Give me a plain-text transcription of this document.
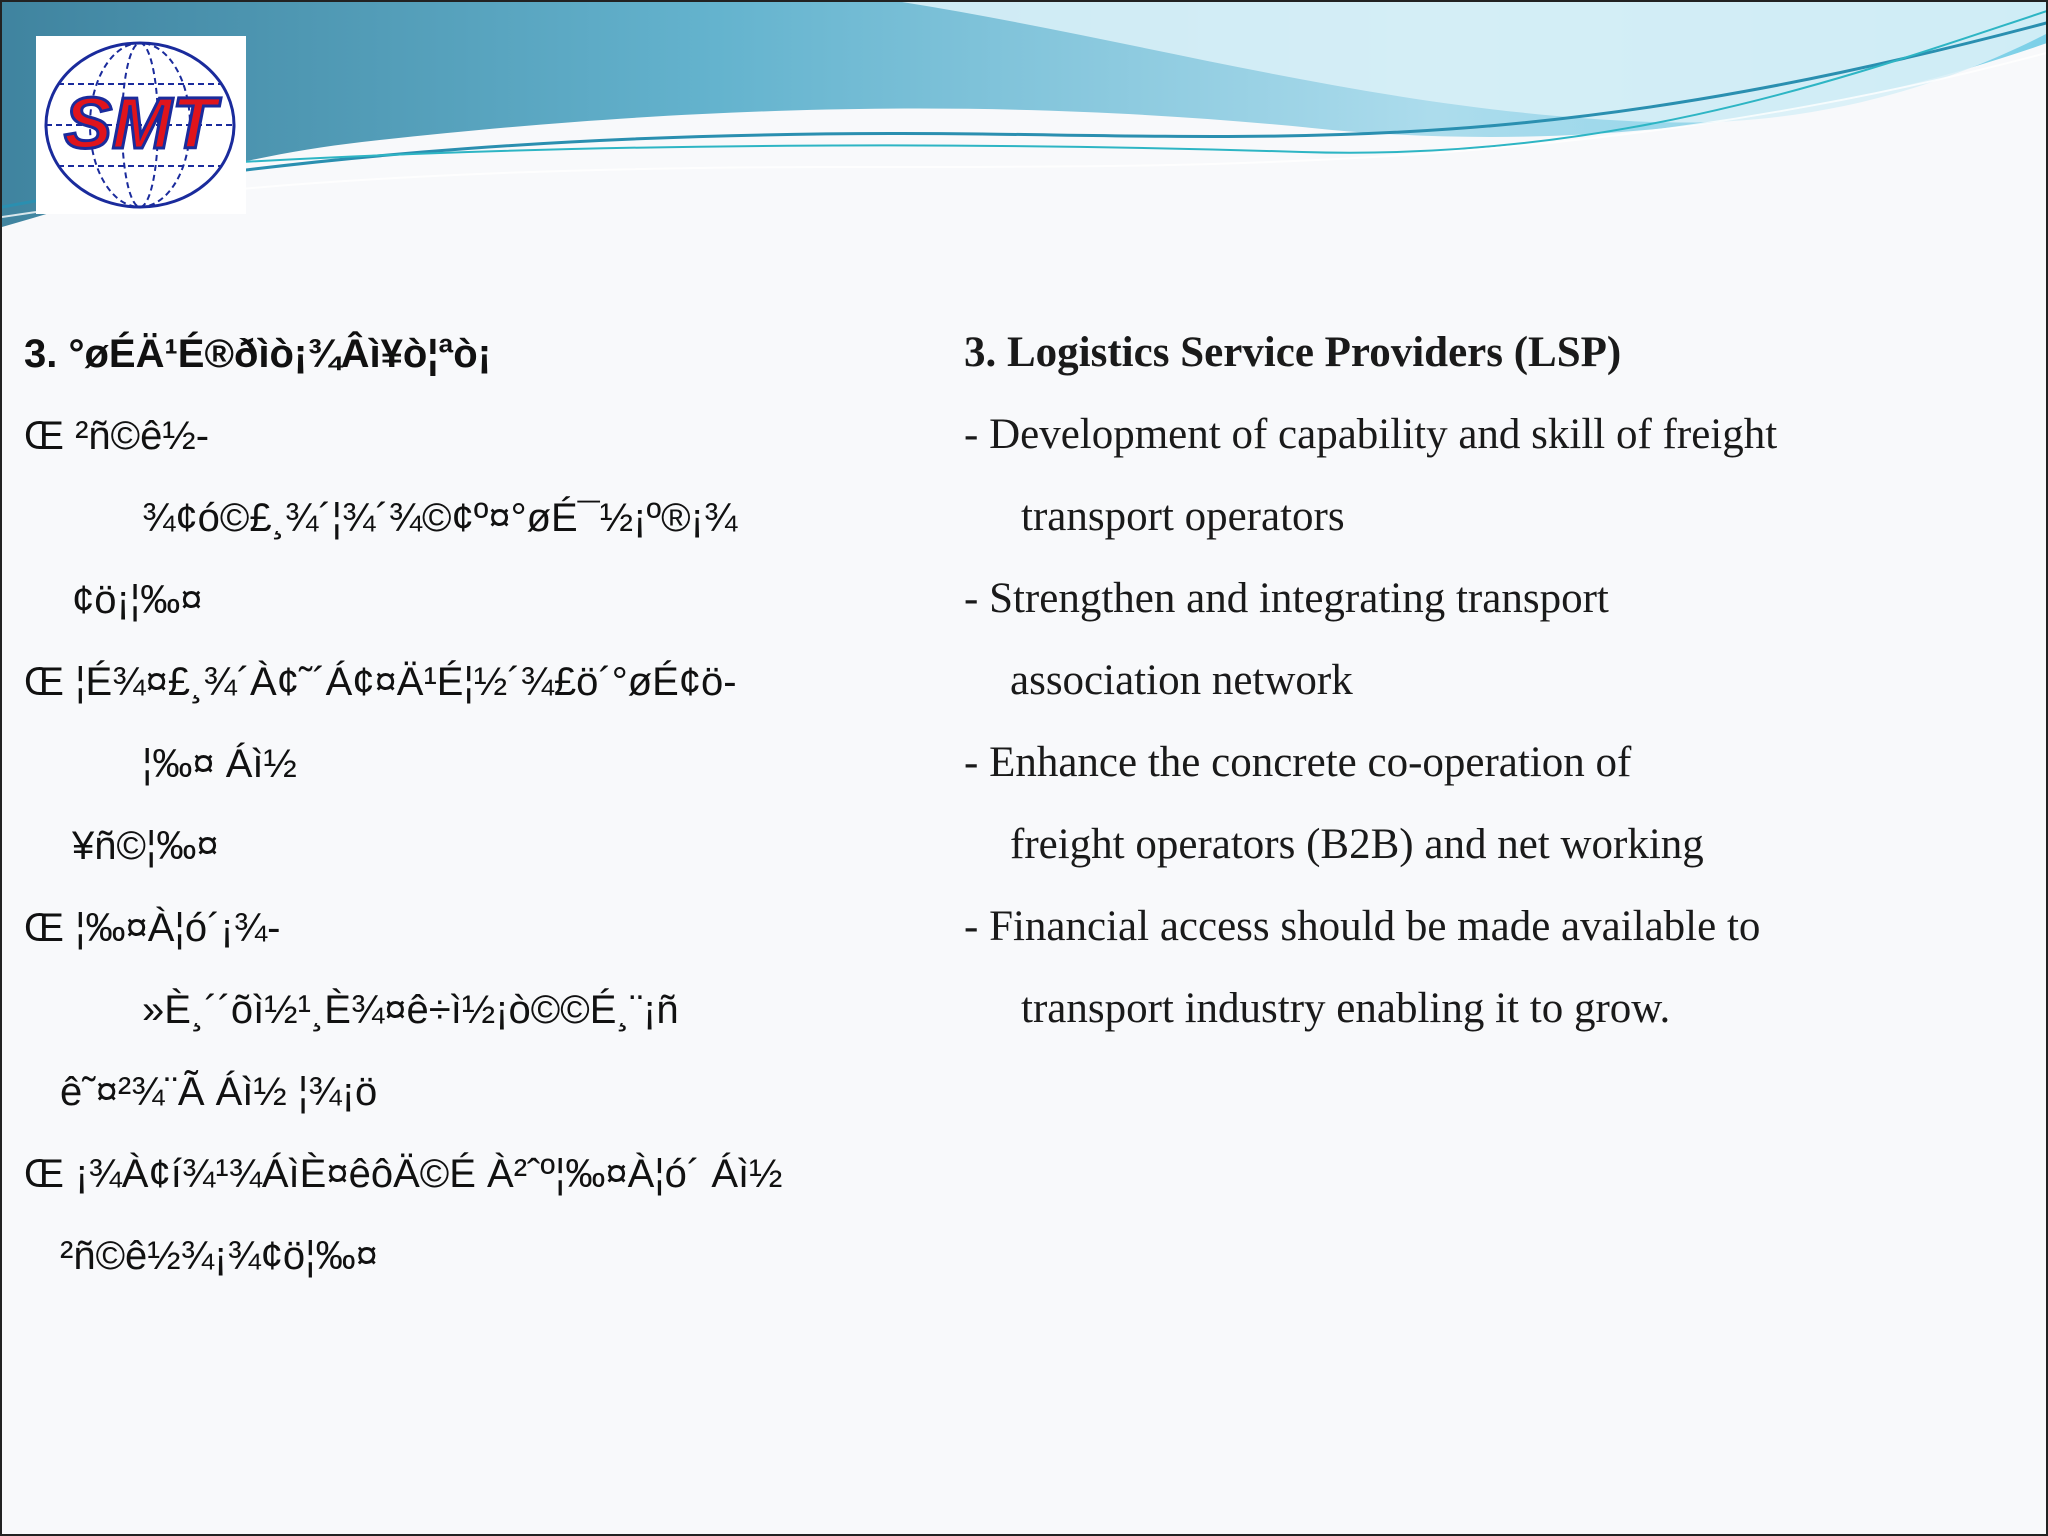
SMT
3. °øÉÄ¹É®ðìò¡¾Âì¥ò¦ªò¡
Œ ²ñ©ê½-
¾¢ó©£¸¾´¦¾´¾©¢º¤°øÉ¯½¡º®¡¾
¢ö¡¦‰¤
Œ ¦É¾¤£¸¾´À¢˜´Á¢¤Ä¹É¦½´¾£ö´°øÉ¢ö-
¦‰¤ Áì½
¥ñ©¦‰¤
Œ ¦‰¤À¦ó´¡¾-
»È¸´´õì½¹¸È¾¤ê÷ì½¡ò©©É¸¨¡ñ
ê˜¤²¾¨Ã Áì½ ¦¾¡ö
Œ ¡¾À¢í¾¹¾ÁìÈ¤êôÄ©É À²ˆº¦‰¤À¦ó´ Áì½
²ñ©ê½¾¡¾¢ö¦‰¤
3. Logistics Service Providers (LSP)
- Development of capability and skill of freight
transport operators
- Strengthen and integrating transport
association network
- Enhance the concrete co-operation of
freight operators (B2B) and net working
- Financial access should be made available to
transport industry enabling it to grow.
